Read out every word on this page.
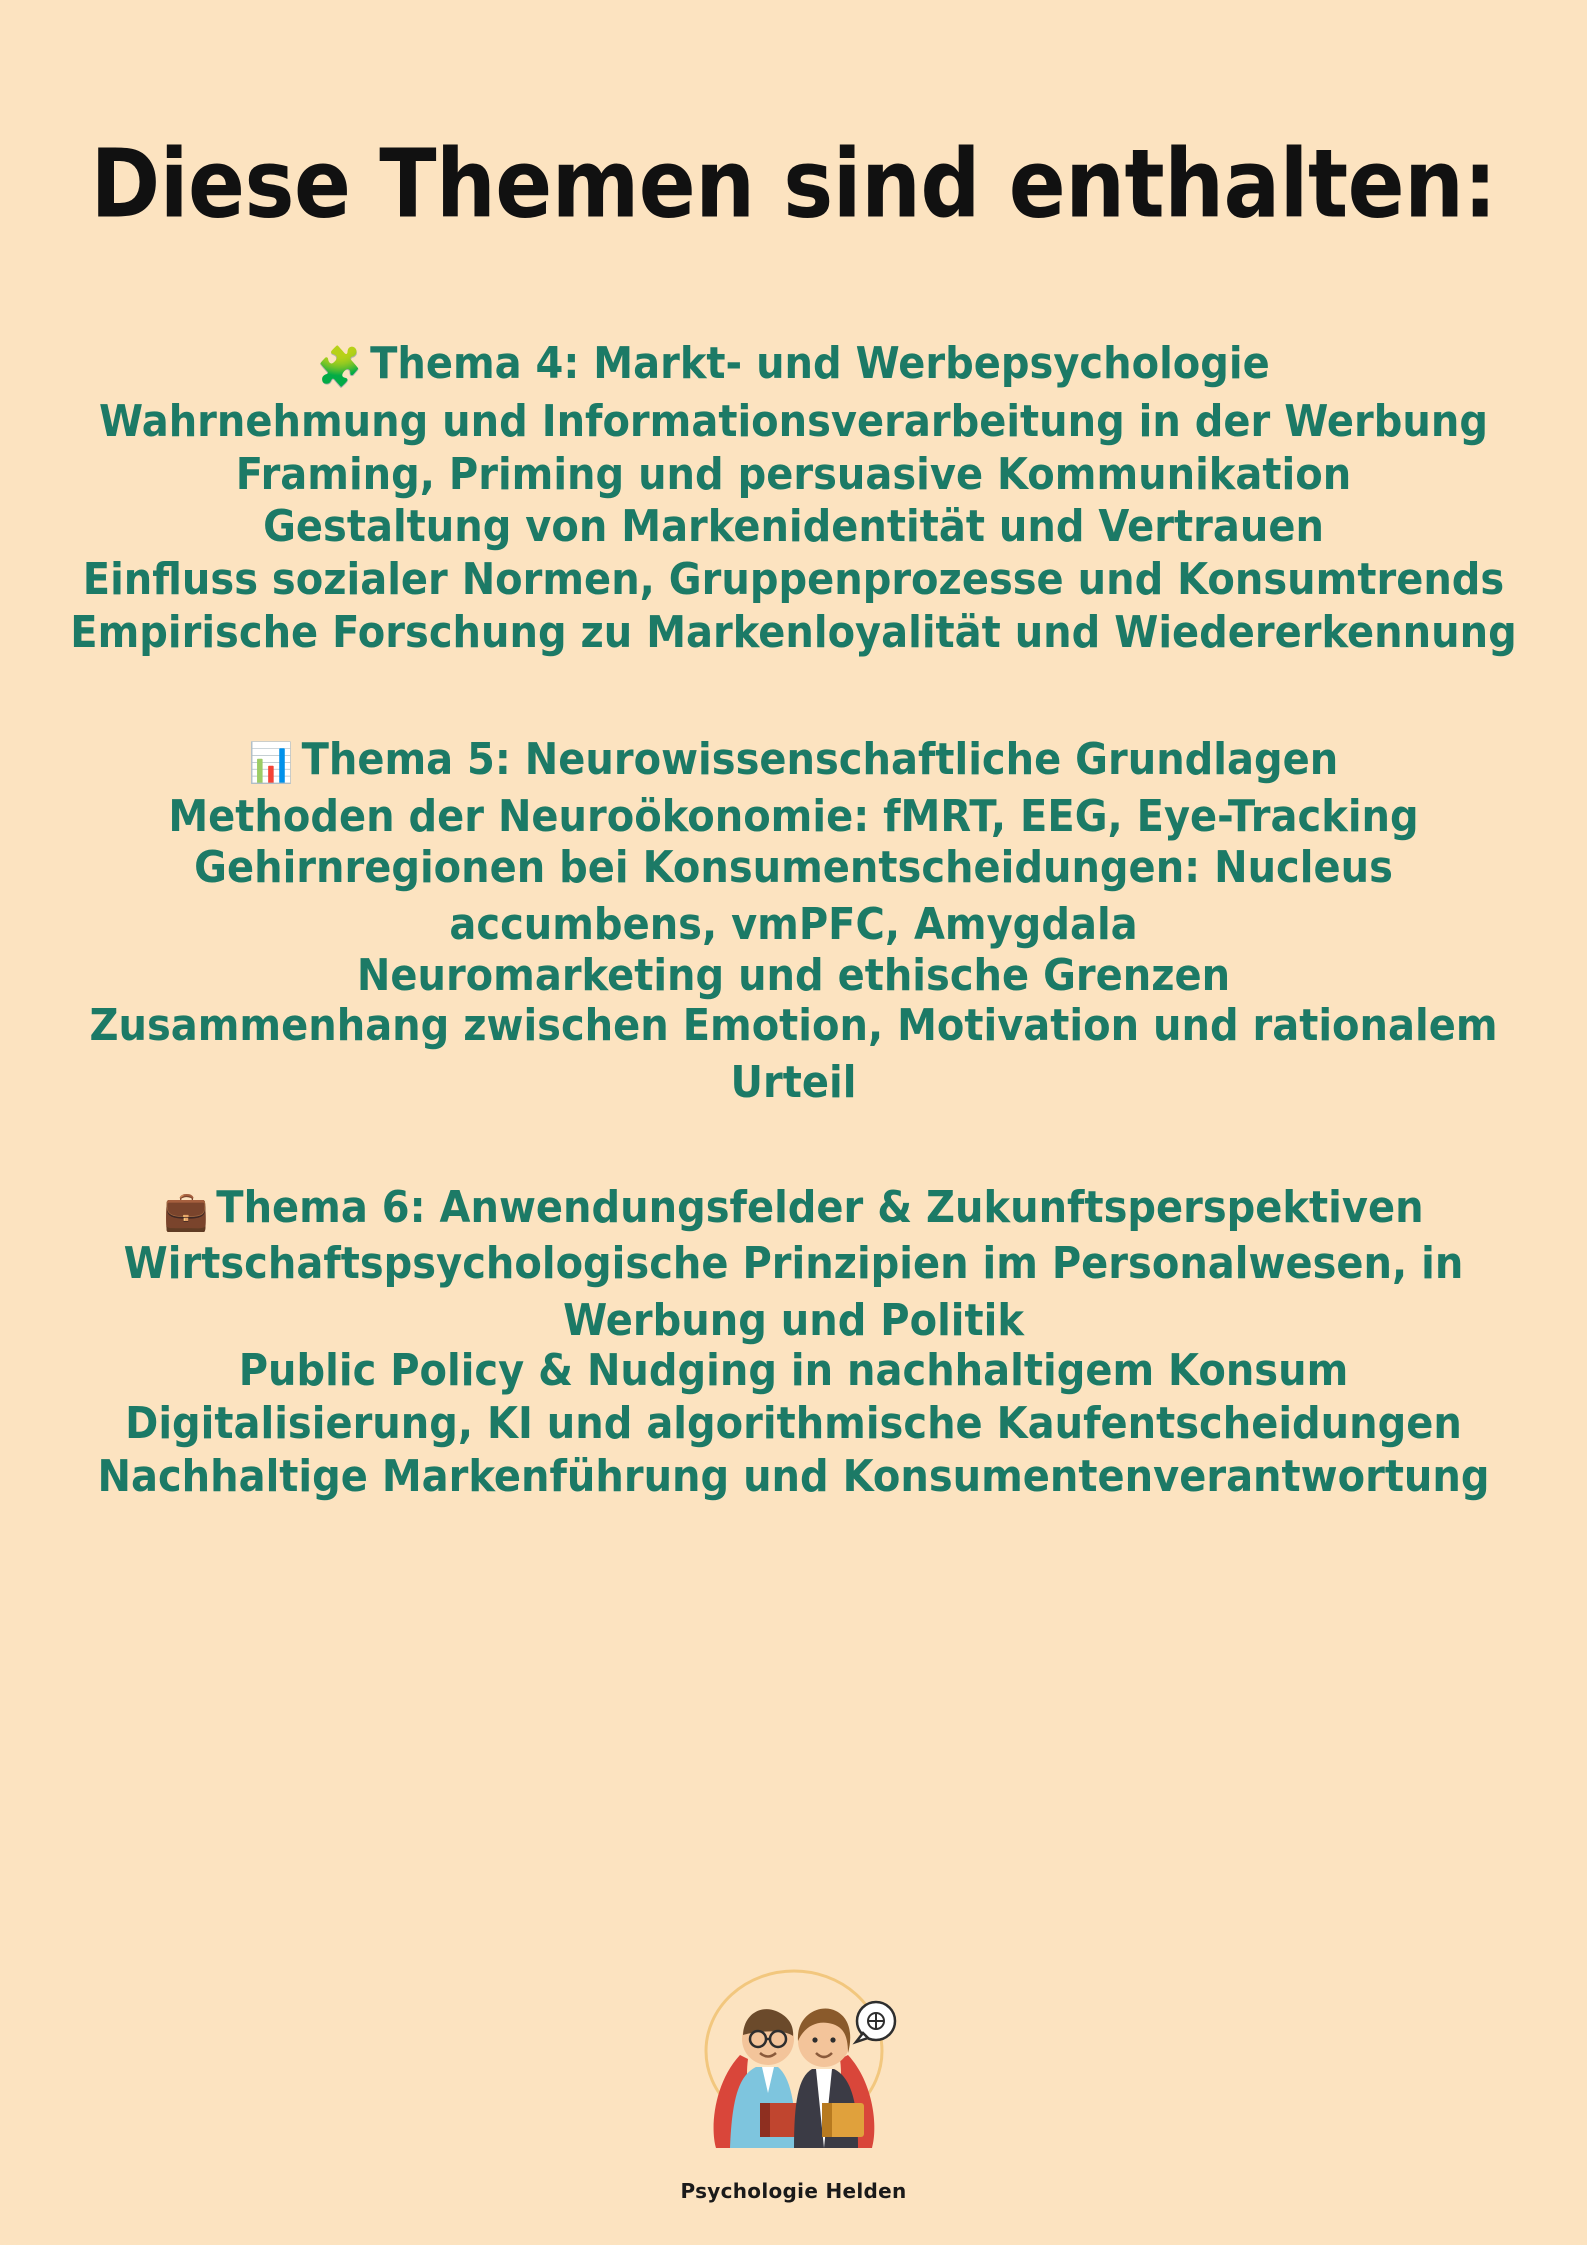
Diese Themen sind enthalten:
🧩 Thema 4: Markt- und Werbepsychologie
Wahrnehmung und Informationsverarbeitung in der Werbung
Framing, Priming und persuasive Kommunikation
Gestaltung von Markenidentität und Vertrauen
Einfluss sozialer Normen, Gruppenprozesse und Konsumtrends
Empirische Forschung zu Markenloyalität und Wiedererkennung
📊 Thema 5: Neurowissenschaftliche Grundlagen
Methoden der Neuroökonomie: fMRT, EEG, Eye-Tracking
Gehirnregionen bei Konsumentscheidungen: Nucleus accumbens, vmPFC, Amygdala
Neuromarketing und ethische Grenzen
Zusammenhang zwischen Emotion, Motivation und rationalem Urteil
💼 Thema 6: Anwendungsfelder & Zukunftsperspektiven
Wirtschaftspsychologische Prinzipien im Personalwesen, in Werbung und Politik
Public Policy & Nudging in nachhaltigem Konsum
Digitalisierung, KI und algorithmische Kaufentscheidungen
Nachhaltige Markenführung und Konsumentenverantwortung
Psychologie Helden
